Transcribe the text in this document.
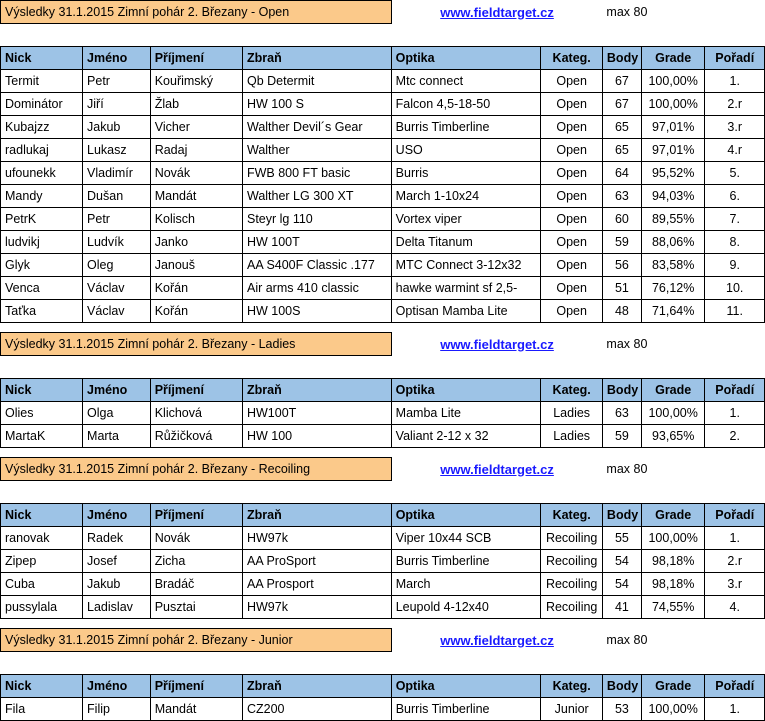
Výsledky 31.1.2015 Zimní pohár 2. Březany - Open				www.fieldtarget.cz		max 80		

Nick	Jméno	Příjmení	Zbraň	Optika	Kateg.	Body	Grade	Pořadí
Termit	Petr	Kouřimský	Qb Determit	Mtc connect	Open	67	100,00%	1.
Dominátor	Jiří	Žlab	HW 100 S	Falcon 4,5-18-50	Open	67	100,00%	2.r
Kubajzz	Jakub	Vicher	Walther Devil´s Gear	Burris Timberline	Open	65	97,01%	3.r
radlukaj	Lukasz	Radaj	Walther	USO	Open	65	97,01%	4.r
ufounekk	Vladimír	Novák	FWB 800 FT basic	Burris	Open	64	95,52%	5.
Mandy	Dušan	Mandát	Walther LG 300 XT	March 1-10x24	Open	63	94,03%	6.
PetrK	Petr	Kolisch	Steyr lg 110	Vortex viper	Open	60	89,55%	7.
ludvikj	Ludvík	Janko	HW 100T	Delta Titanum	Open	59	88,06%	8.
Glyk	Oleg	Janouš	AA S400F Classic .177	MTC Connect 3-12x32	Open	56	83,58%	9.
Venca	Václav	Kořán	Air arms 410 classic	hawke warmint sf 2,5-	Open	51	76,12%	10.
Taťka	Václav	Kořán	HW 100S	Optisan Mamba Lite	Open	48	71,64%	11.
Výsledky 31.1.2015 Zimní pohár 2. Březany - Ladies				www.fieldtarget.cz		max 80		

Nick	Jméno	Příjmení	Zbraň	Optika	Kateg.	Body	Grade	Pořadí
Olies	Olga	Klichová	HW100T	Mamba Lite	Ladies	63	100,00%	1.
MartaK	Marta	Růžičková	HW 100	Valiant 2-12 x 32	Ladies	59	93,65%	2.
Výsledky 31.1.2015 Zimní pohár 2. Březany - Recoiling				www.fieldtarget.cz		max 80		

Nick	Jméno	Příjmení	Zbraň	Optika	Kateg.	Body	Grade	Pořadí
ranovak	Radek	Novák	HW97k	Viper 10x44 SCB	Recoiling	55	100,00%	1.
Zipep	Josef	Zicha	AA ProSport	Burris Timberline	Recoiling	54	98,18%	2.r
Cuba	Jakub	Bradáč	AA Prosport	March	Recoiling	54	98,18%	3.r
pussylala	Ladislav	Pusztai	HW97k	Leupold 4-12x40	Recoiling	41	74,55%	4.
Výsledky 31.1.2015 Zimní pohár 2. Březany - Junior				www.fieldtarget.cz		max 80		

Nick	Jméno	Příjmení	Zbraň	Optika	Kateg.	Body	Grade	Pořadí
Fila	Filip	Mandát	CZ200	Burris Timberline	Junior	53	100,00%	1.
